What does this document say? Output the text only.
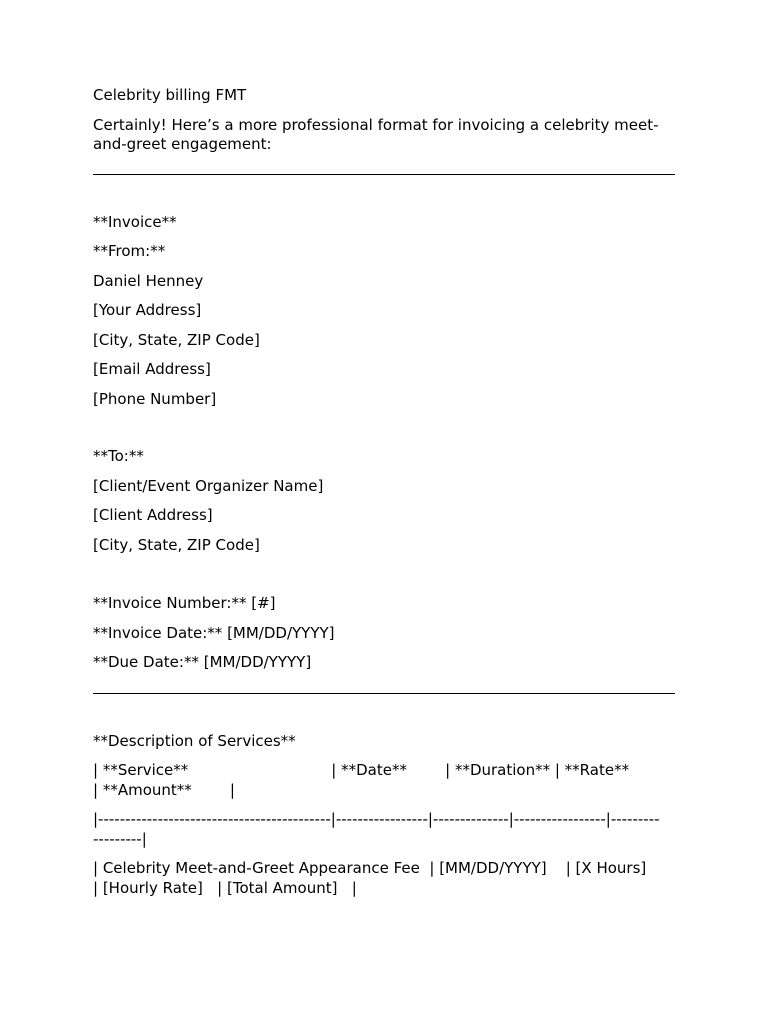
Celebrity billing FMT

Certainly! Here’s a more professional format for invoicing a celebrity meet-and-greet engagement:

**Invoice**

**From:**

Daniel Henney

[Your Address]

[City, State, ZIP Code]

[Email Address]

[Phone Number]

**To:**

[Client/Event Organizer Name]

[Client Address]

[City, State, ZIP Code]

**Invoice Number:** [#]

**Invoice Date:** [MM/DD/YYYY]

**Due Date:** [MM/DD/YYYY]

**Description of Services**

| **Service**                              | **Date**        | **Duration** | **Rate**

| **Amount**        |

|-------------------------------------------|-----------------|--------------|-----------------|---------

---------|

| Celebrity Meet-and-Greet Appearance Fee  | [MM/DD/YYYY]    | [X Hours]

| [Hourly Rate]   | [Total Amount]   |
